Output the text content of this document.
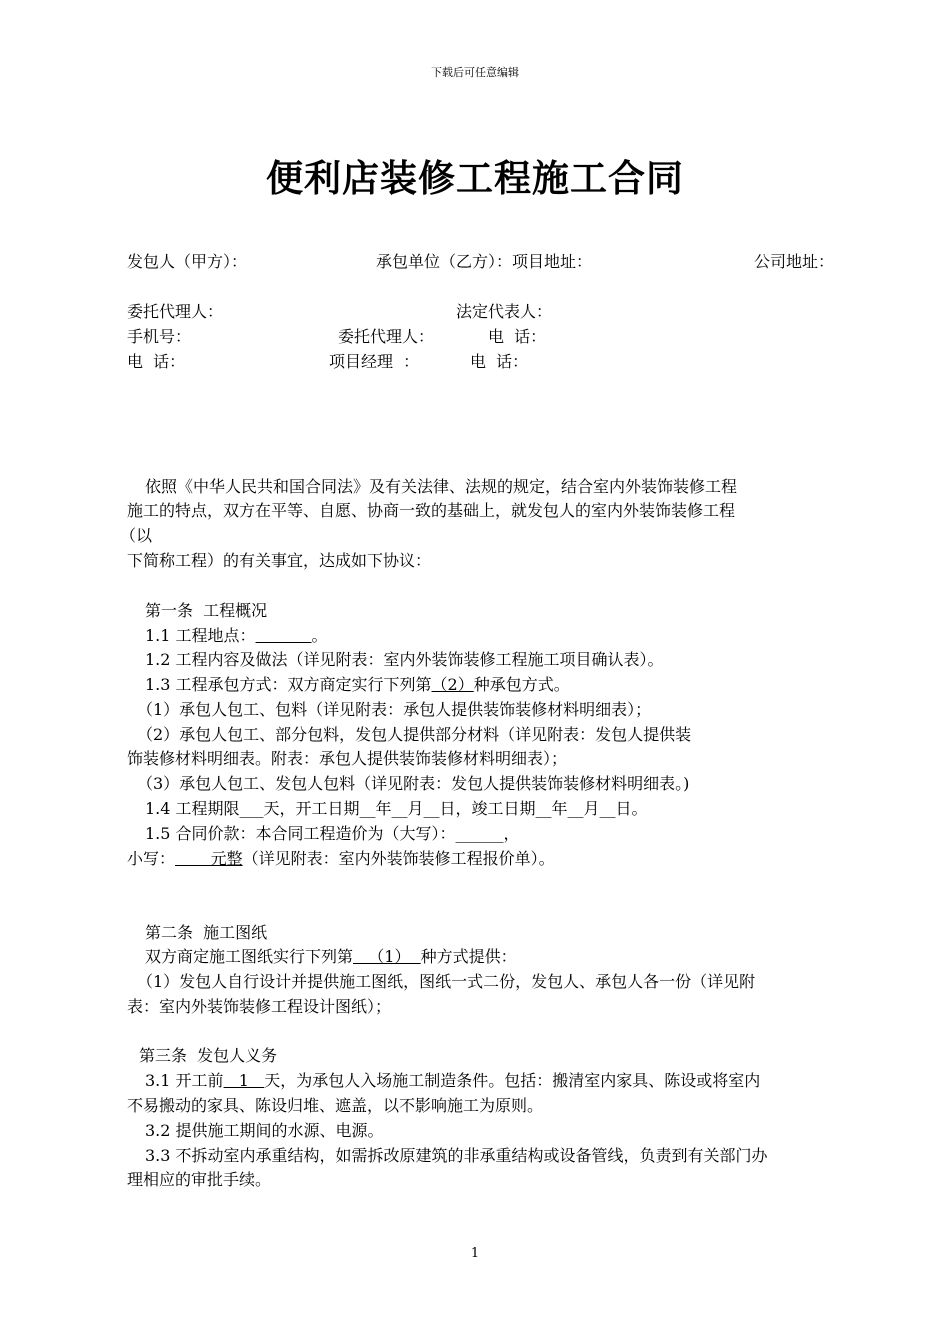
下载后可任意编辑
便利店装修工程施工合同
发包人（甲方）：	承包单位（乙方）：项目地址：	公司地址：
委托代理人：	法定代表人：
手机号：	委托代理人：	电  话：
电  话：	项目经理  ：	电  话：
依照《中华人民共和国合同法》及有关法律、法规的规定，结合室内外装饰装修工程
施工的特点，双方在平等、自愿、协商一致的基础上，就发包人的室内外装饰装修工程
（以
下简称工程）的有关事宜，达成如下协议：
第一条  工程概况
1.1 工程地点：	。
1.2 工程内容及做法（详见附表：室内外装饰装修工程施工项目确认表）。
1.3 工程承包方式：双方商定实行下列第（2）种承包方式。
（1）承包人包工、包料（详见附表：承包人提供装饰装修材料明细表）；
（2）承包人包工、部分包料，发包人提供部分材料（详见附表：发包人提供装
饰装修材料明细表。附表：承包人提供装饰装修材料明细表）；
（3）承包人包工、发包人包料（详见附表：发包人提供装饰装修材料明细表。)
1.4 工程期限___天，开工日期__年__月__日，竣工日期__年__月__日。
1.5 合同价款：本合同工程造价为（大写）：______，
小写：       元整（详见附表：室内外装饰装修工程报价单）。
第二条  施工图纸
双方商定施工图纸实行下列第   （1）  种方式提供：
（1）发包人自行设计并提供施工图纸，图纸一式二份，发包人、承包人各一份（详见附
表：室内外装饰装修工程设计图纸）；
第三条  发包人义务
3.1 开工前   1   天，为承包人入场施工制造条件。包括：搬清室内家具、陈设或将室内
不易搬动的家具、陈设归堆、遮盖，以不影响施工为原则。
3.2 提供施工期间的水源、电源。
3.3 不拆动室内承重结构，如需拆改原建筑的非承重结构或设备管线，负责到有关部门办
理相应的审批手续。
1
